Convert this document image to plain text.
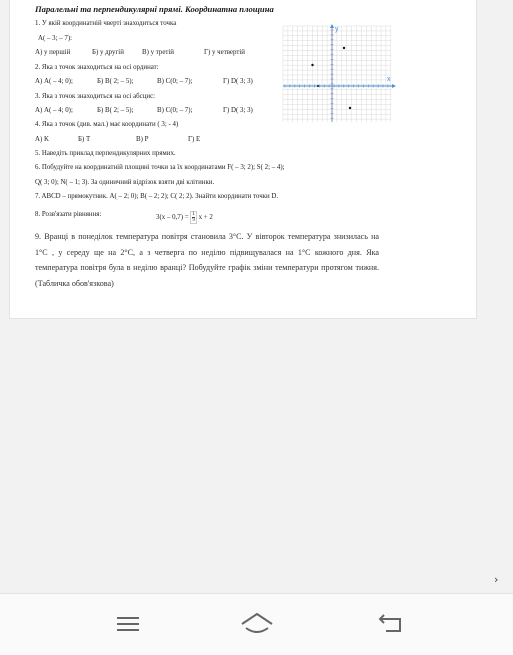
Паралельні та перпендикулярні прямі. Координатна площина
1. У якій координатній чверті знаходиться точка
A( – 3; – 7):
А) у першій	Б) у другій	В) у третій	Г) у четвертій
2. Яка з точок знаходиться на осі ординат:
А) A( – 4; 0);	Б) B( 2; – 5);	В) C(0; – 7);	Г) D( 3; 3)
3. Яка з точок знаходиться на осі абсцис:
А) A( – 4; 0);	Б) B( 2; – 5);	В) C(0; – 7);	Г) D( 3; 3)
4. Яка з точок (див. мал.) має координати ( 3; - 4)
А) K	Б) T	В) P	Г) E
5. Наведіть приклад перпендикулярних прямих.
6. Побудуйте на координатній площині точки за їх координатами F( – 3; 2); S( 2; – 4);
Q( 3; 0); N( – 1; 3). За одиничний відрізок взяти дві клітинки.
7. ABCD – прямокутник. A( – 2; 0); B( – 2; 2); C( 2; 2). Знайти координати точки D.
8. Розв'язати рівняння:	$3(x - 0,7) = \frac{1}{9}$ x + 2
9. Вранці в понеділок температура повітря становила 3°С. У вівторок температура знизилась на 1°С , у середу ще на 2°С, а з четверга по неділю підвищувалася на 1°С кожного дня. Яка температура повітря була в неділю вранці? Побудуйте графік зміни температури протягом тижня. (Табличка обов'язкова)
y
x
›
